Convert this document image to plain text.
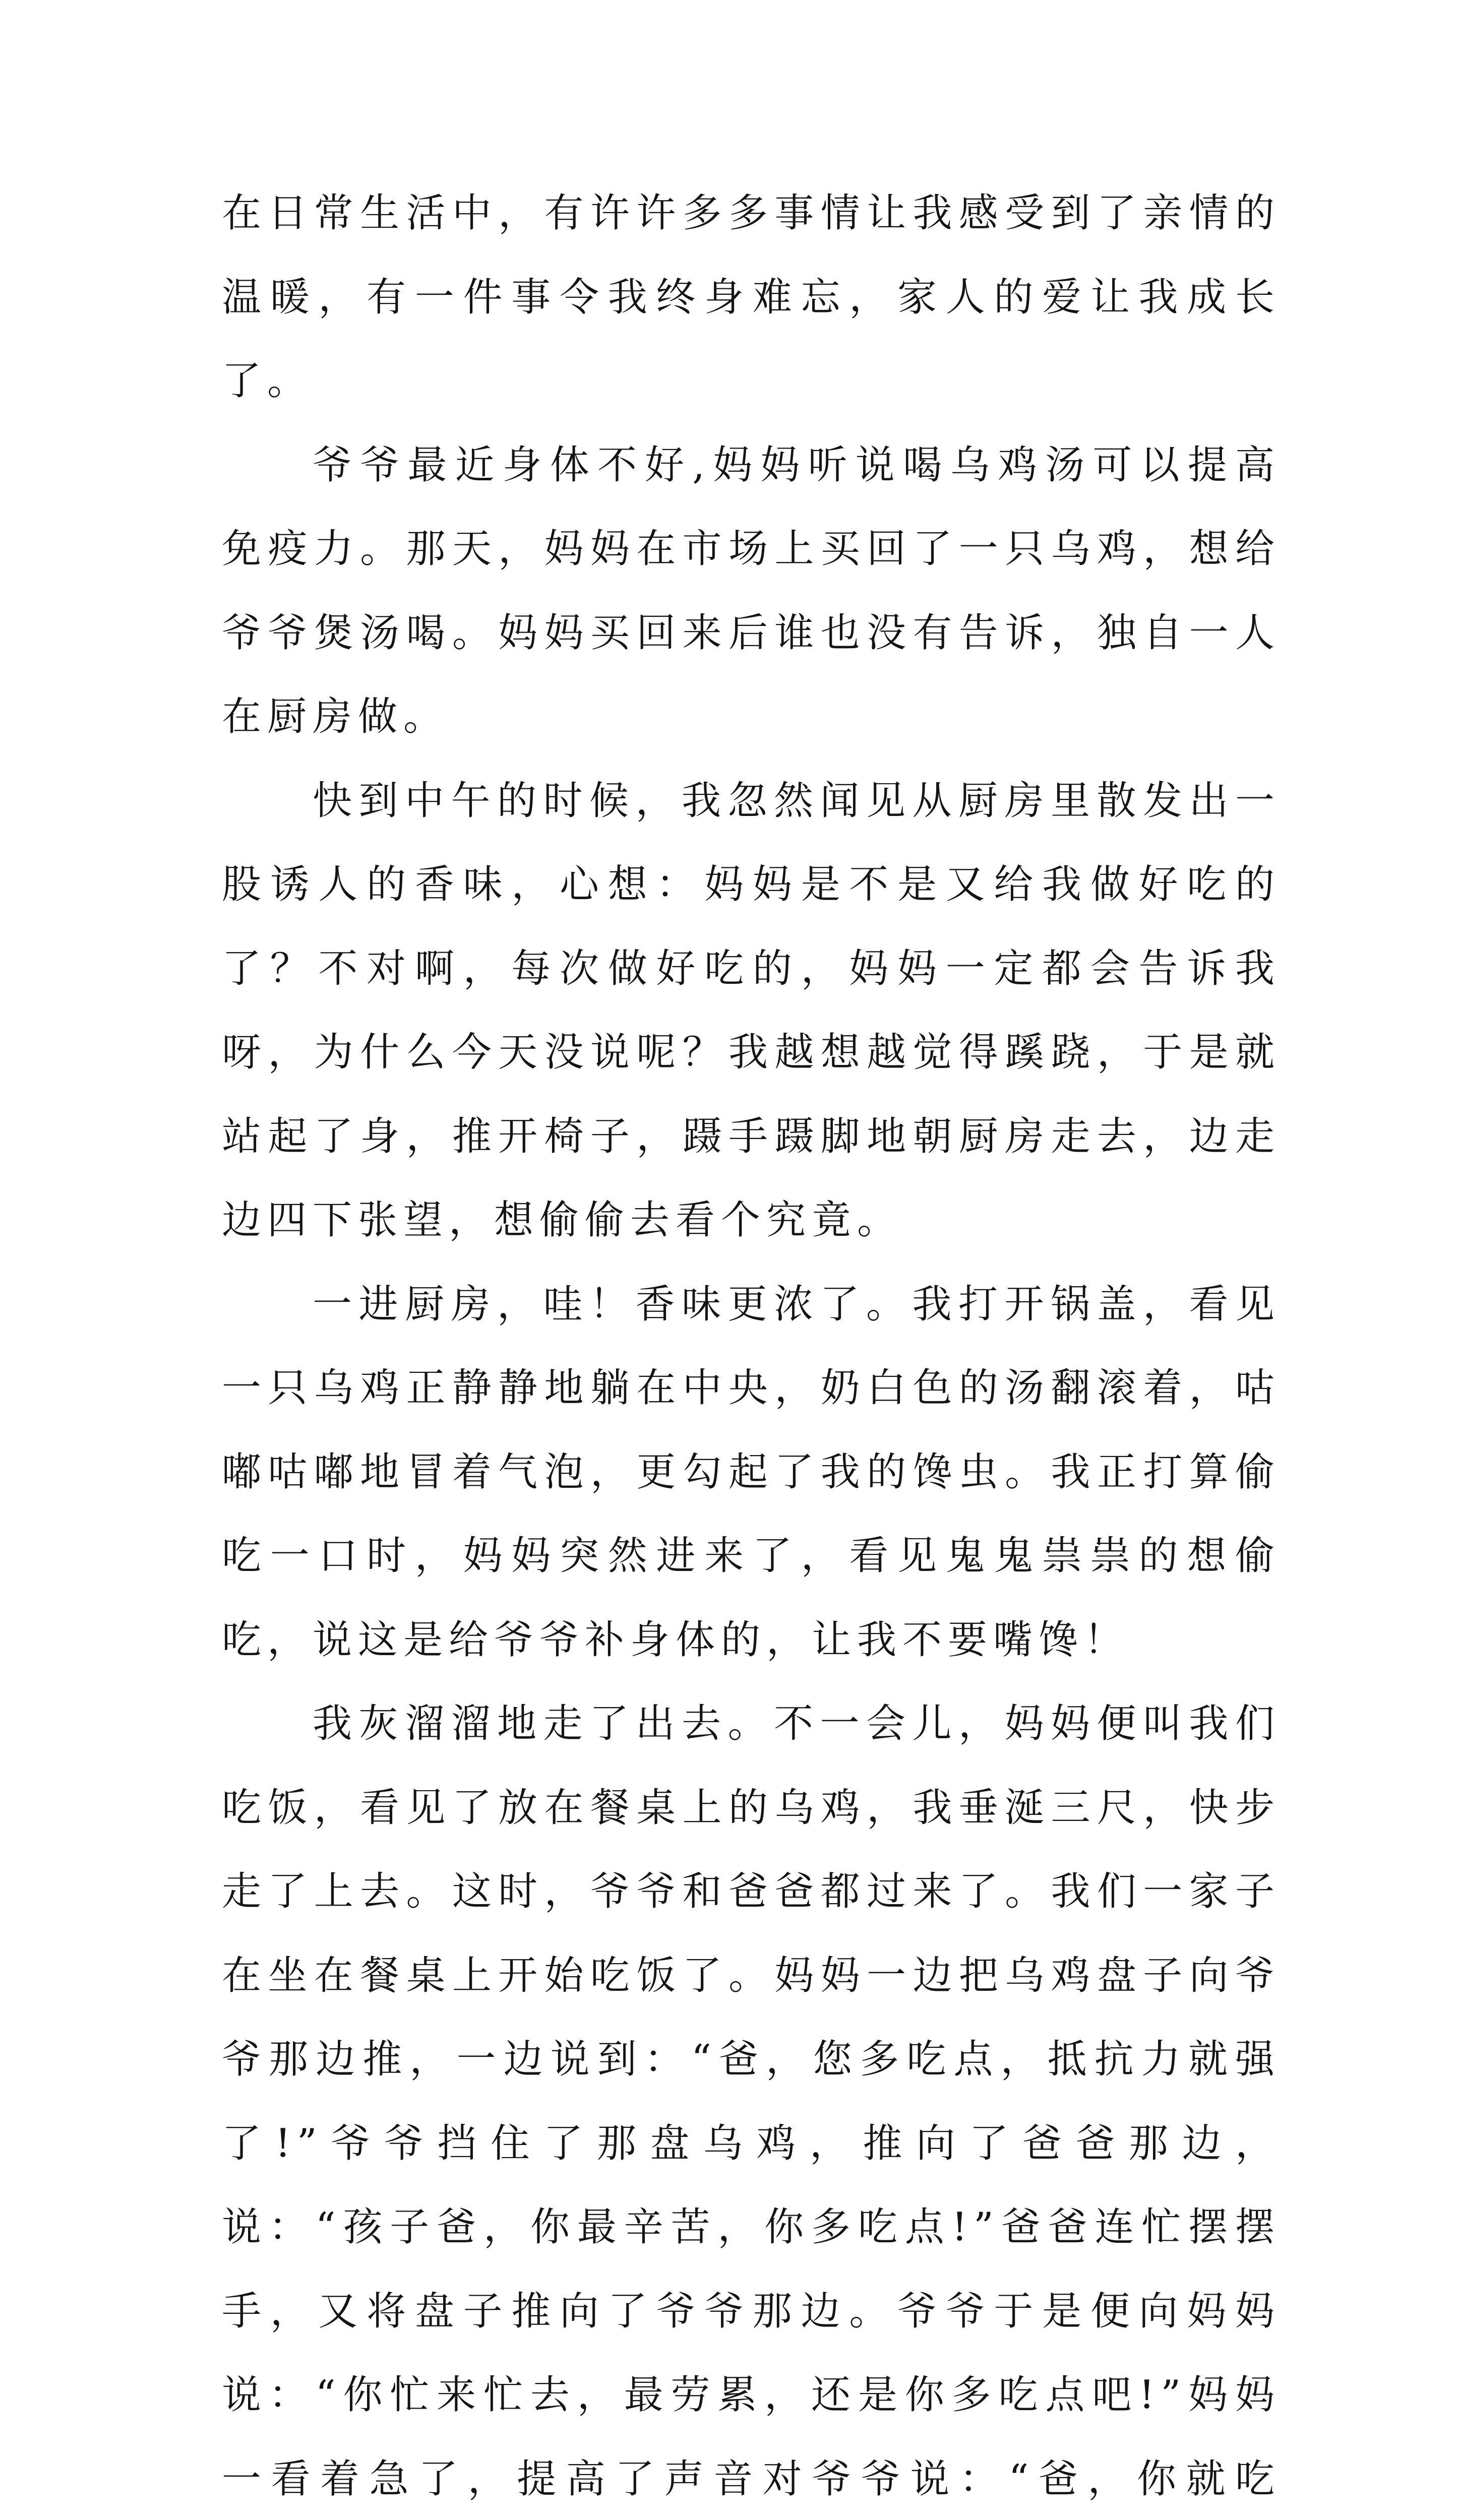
在日常生活中，有许许多多事情让我感受到了亲情的温暖，有一件事令我终身难忘，家人的爱让我成长了。

爷爷最近身体不好,妈妈听说喝乌鸡汤可以提高免疫力。那天，妈妈在市场上买回了一只乌鸡，想给爷爷煲汤喝。妈妈买回来后谁也没有告诉，独自一人在厨房做。

快到中午的时候，我忽然闻见从厨房里散发出一股诱人的香味，心想：妈妈是不是又给我做好吃的了？不对啊，每次做好吃的，妈妈一定都会告诉我呀，为什么今天没说呢？我越想越觉得蹊跷，于是就站起了身，推开椅子，蹑手蹑脚地朝厨房走去，边走边四下张望，想偷偷去看个究竟。

一进厨房，哇！香味更浓了。我打开锅盖，看见一只乌鸡正静静地躺在中央，奶白色的汤翻滚着，咕嘟咕嘟地冒着气泡，更勾起了我的馋虫。我正打算偷吃一口时，妈妈突然进来了，看见鬼鬼祟祟的想偷吃，说这是给爷爷补身体的，让我不要嘴馋！

我灰溜溜地走了出去。不一会儿，妈妈便叫我们吃饭，看见了放在餐桌上的乌鸡，我垂涎三尺，快步走了上去。这时，爷爷和爸爸都过来了。我们一家子在坐在餐桌上开始吃饭了。妈妈一边把乌鸡盘子向爷爷那边推，一边说到：“爸，您多吃点，抵抗力就强了!”爷爷挡住了那盘乌鸡，推向了爸爸那边，说：“孩子爸，你最辛苦，你多吃点!”爸爸连忙摆摆手，又将盘子推向了爷爷那边。爷爷于是便向妈妈说：“你忙来忙去，最劳累，还是你多吃点吧!”妈妈一看着急了，提高了声音对爷爷说：“爸，你就吃
